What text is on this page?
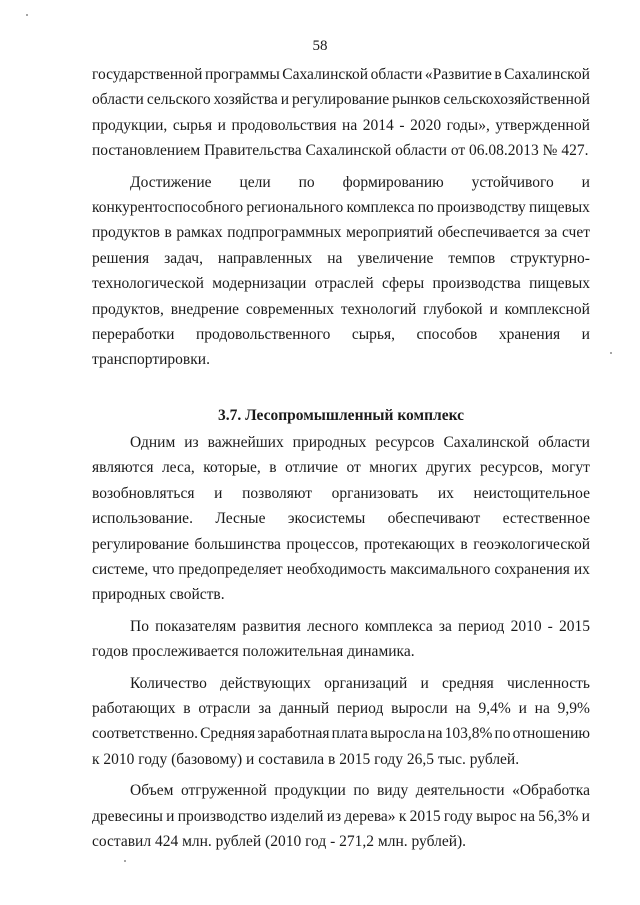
58
государственной программы Сахалинской области «Развитие в Сахалинской
области сельского хозяйства и регулирование рынков сельскохозяйственной
продукции, сырья и продовольствия на 2014 - 2020 годы», утвержденной
постановлением Правительства Сахалинской области от 06.08.2013 № 427.
Достижение цели по формированию устойчивого и
конкурентоспособного регионального комплекса по производству пищевых
продуктов в рамках подпрограммных мероприятий обеспечивается за счет
решения задач, направленных на увеличение темпов структурно-
технологической модернизации отраслей сферы производства пищевых
продуктов, внедрение современных технологий глубокой и комплексной
переработки продовольственного сырья, способов хранения и
транспортировки.
3.7. Лесопромышленный комплекс
Одним из важнейших природных ресурсов Сахалинской области
являются леса, которые, в отличие от многих других ресурсов, могут
возобновляться и позволяют организовать их неистощительное
использование. Лесные экосистемы обеспечивают естественное
регулирование большинства процессов, протекающих в геоэкологической
системе, что предопределяет необходимость максимального сохранения их
природных свойств.
По показателям развития лесного комплекса за период 2010 - 2015
годов прослеживается положительная динамика.
Количество действующих организаций и средняя численность
работающих в отрасли за данный период выросли на 9,4% и на 9,9%
соответственно. Средняя заработная плата выросла на 103,8% по отношению
к 2010 году (базовому) и составила в 2015 году 26,5 тыс. рублей.
Объем отгруженной продукции по виду деятельности «Обработка
древесины и производство изделий из дерева» к 2015 году вырос на 56,3% и
составил 424 млн. рублей (2010 год - 271,2 млн. рублей).
